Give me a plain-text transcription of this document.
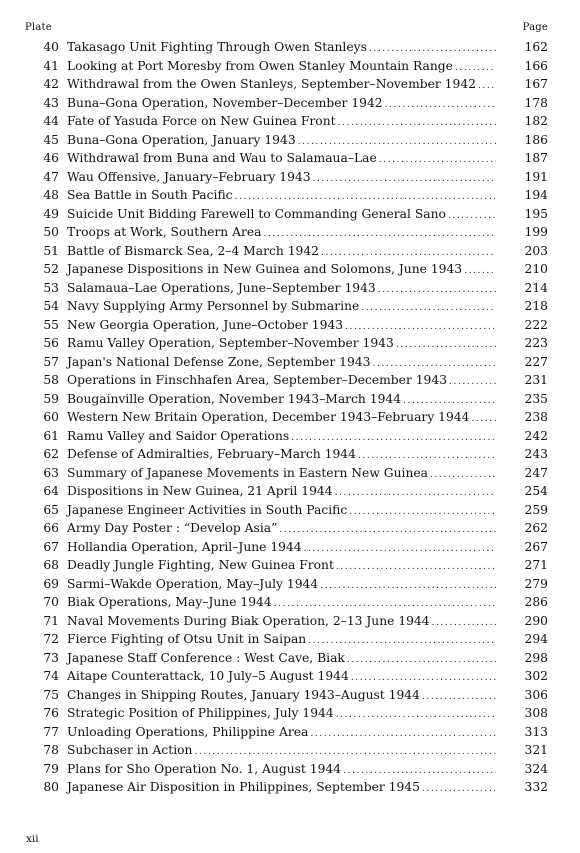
Plate	Page
40 Takasago Unit Fighting Through Owen Stanleys .....	162
41 Looking at Port Moresby from Owen Stanley Mountain Range .....	166
42 Withdrawal from the Owen Stanleys, September–November 1942 .....	167
43 Buna–Gona Operation, November–December 1942 .....	178
44 Fate of Yasuda Force on New Guinea Front .....	182
45 Buna–Gona Operation, January 1943 .....	186
46 Withdrawal from Buna and Wau to Salamaua–Lae .....	187
47 Wau Offensive, January–February 1943 .....	191
48 Sea Battle in South Pacific .....	194
49 Suicide Unit Bidding Farewell to Commanding General Sano .....	195
50 Troops at Work, Southern Area .....	199
51 Battle of Bismarck Sea, 2–4 March 1942 .....	203
52 Japanese Dispositions in New Guinea and Solomons, June 1943 .....	210
53 Salamaua–Lae Operations, June–September 1943 .....	214
54 Navy Supplying Army Personnel by Submarine .....	218
55 New Georgia Operation, June–October 1943 .....	222
56 Ramu Valley Operation, September–November 1943 .....	223
57 Japan's National Defense Zone, September 1943 .....	227
58 Operations in Finschhafen Area, September–December 1943 .....	231
59 Bougainville Operation, November 1943–March 1944 .....	235
60 Western New Britain Operation, December 1943–February 1944 .....	238
61 Ramu Valley and Saidor Operations .....	242
62 Defense of Admiralties, February–March 1944 .....	243
63 Summary of Japanese Movements in Eastern New Guinea .....	247
64 Dispositions in New Guinea, 21 April 1944 .....	254
65 Japanese Engineer Activities in South Pacific .....	259
66 Army Day Poster : “Develop Asia” .....	262
67 Hollandia Operation, April–June 1944 .....	267
68 Deadly Jungle Fighting, New Guinea Front .....	271
69 Sarmi–Wakde Operation, May–July 1944 .....	279
70 Biak Operations, May–June 1944 .....	286
71 Naval Movements During Biak Operation, 2–13 June 1944 .....	290
72 Fierce Fighting of Otsu Unit in Saipan .....	294
73 Japanese Staff Conference : West Cave, Biak .....	298
74 Aitape Counterattack, 10 July–5 August 1944 .....	302
75 Changes in Shipping Routes, January 1943–August 1944 .....	306
76 Strategic Position of Philippines, July 1944 .....	308
77 Unloading Operations, Philippine Area .....	313
78 Subchaser in Action .....	321
79 Plans for Sho Operation No. 1, August 1944 .....	324
80 Japanese Air Disposition in Philippines, September 1945 .....	332
xii
